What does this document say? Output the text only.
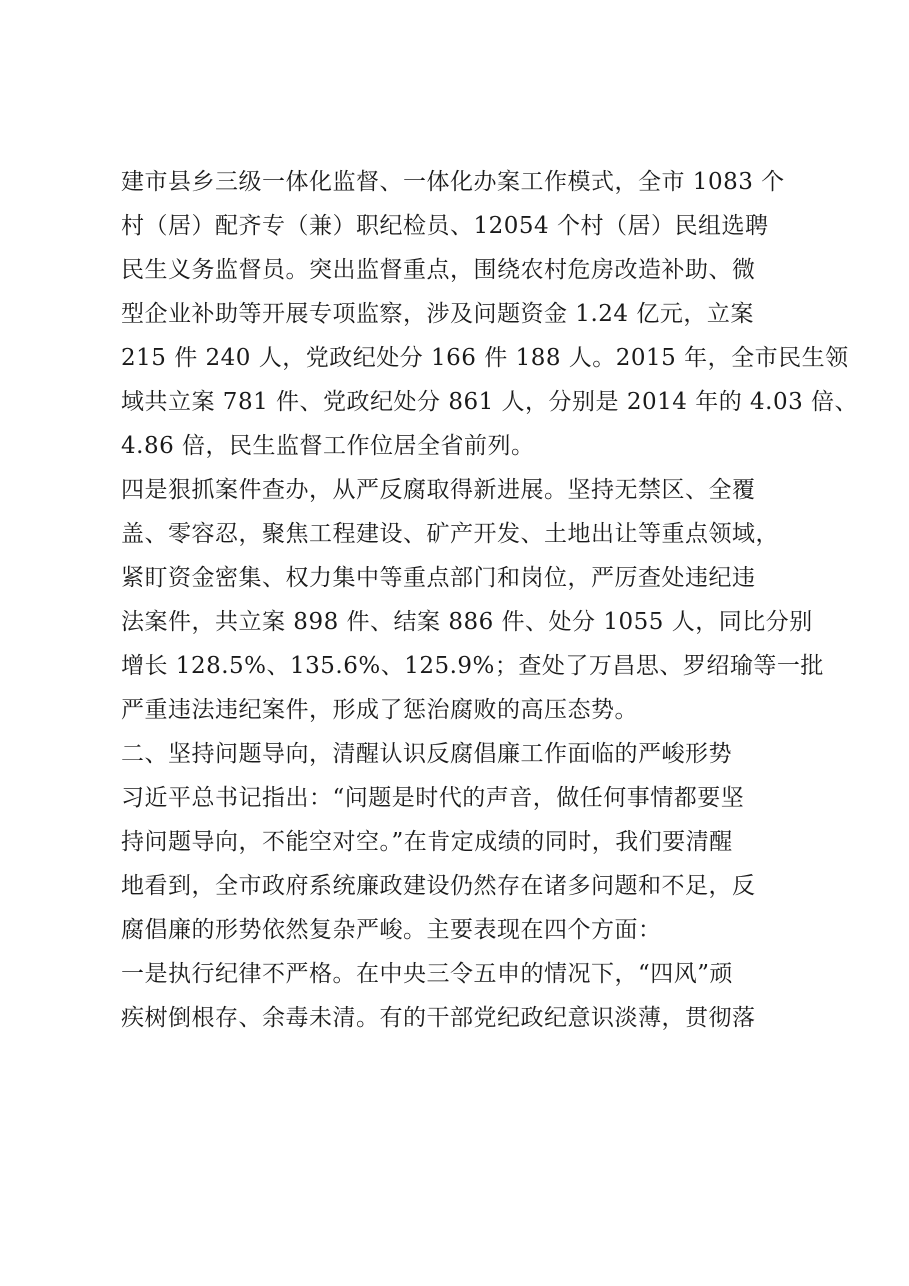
建市县乡三级一体化监督、一体化办案工作模式，全市 1083 个
村（居）配齐专（兼）职纪检员、12054 个村（居）民组选聘
民生义务监督员。突出监督重点，围绕农村危房改造补助、微
型企业补助等开展专项监察，涉及问题资金 1.24 亿元，立案
215 件 240 人，党政纪处分 166 件 188 人。2015 年，全市民生领
域共立案 781 件、党政纪处分 861 人，分别是 2014 年的 4.03 倍、
4.86 倍，民生监督工作位居全省前列。
四是狠抓案件查办，从严反腐取得新进展。坚持无禁区、全覆
盖、零容忍，聚焦工程建设、矿产开发、土地出让等重点领域，
紧盯资金密集、权力集中等重点部门和岗位，严厉查处违纪违
法案件，共立案 898 件、结案 886 件、处分 1055 人，同比分别
增长 128.5%、135.6%、125.9%；查处了万昌思、罗绍瑜等一批
严重违法违纪案件，形成了惩治腐败的高压态势。
二、坚持问题导向，清醒认识反腐倡廉工作面临的严峻形势
习近平总书记指出：“问题是时代的声音，做任何事情都要坚
持问题导向，不能空对空。”在肯定成绩的同时，我们要清醒
地看到，全市政府系统廉政建设仍然存在诸多问题和不足，反
腐倡廉的形势依然复杂严峻。主要表现在四个方面：
一是执行纪律不严格。在中央三令五申的情况下，“四风”顽
疾树倒根存、余毒未清。有的干部党纪政纪意识淡薄，贯彻落
